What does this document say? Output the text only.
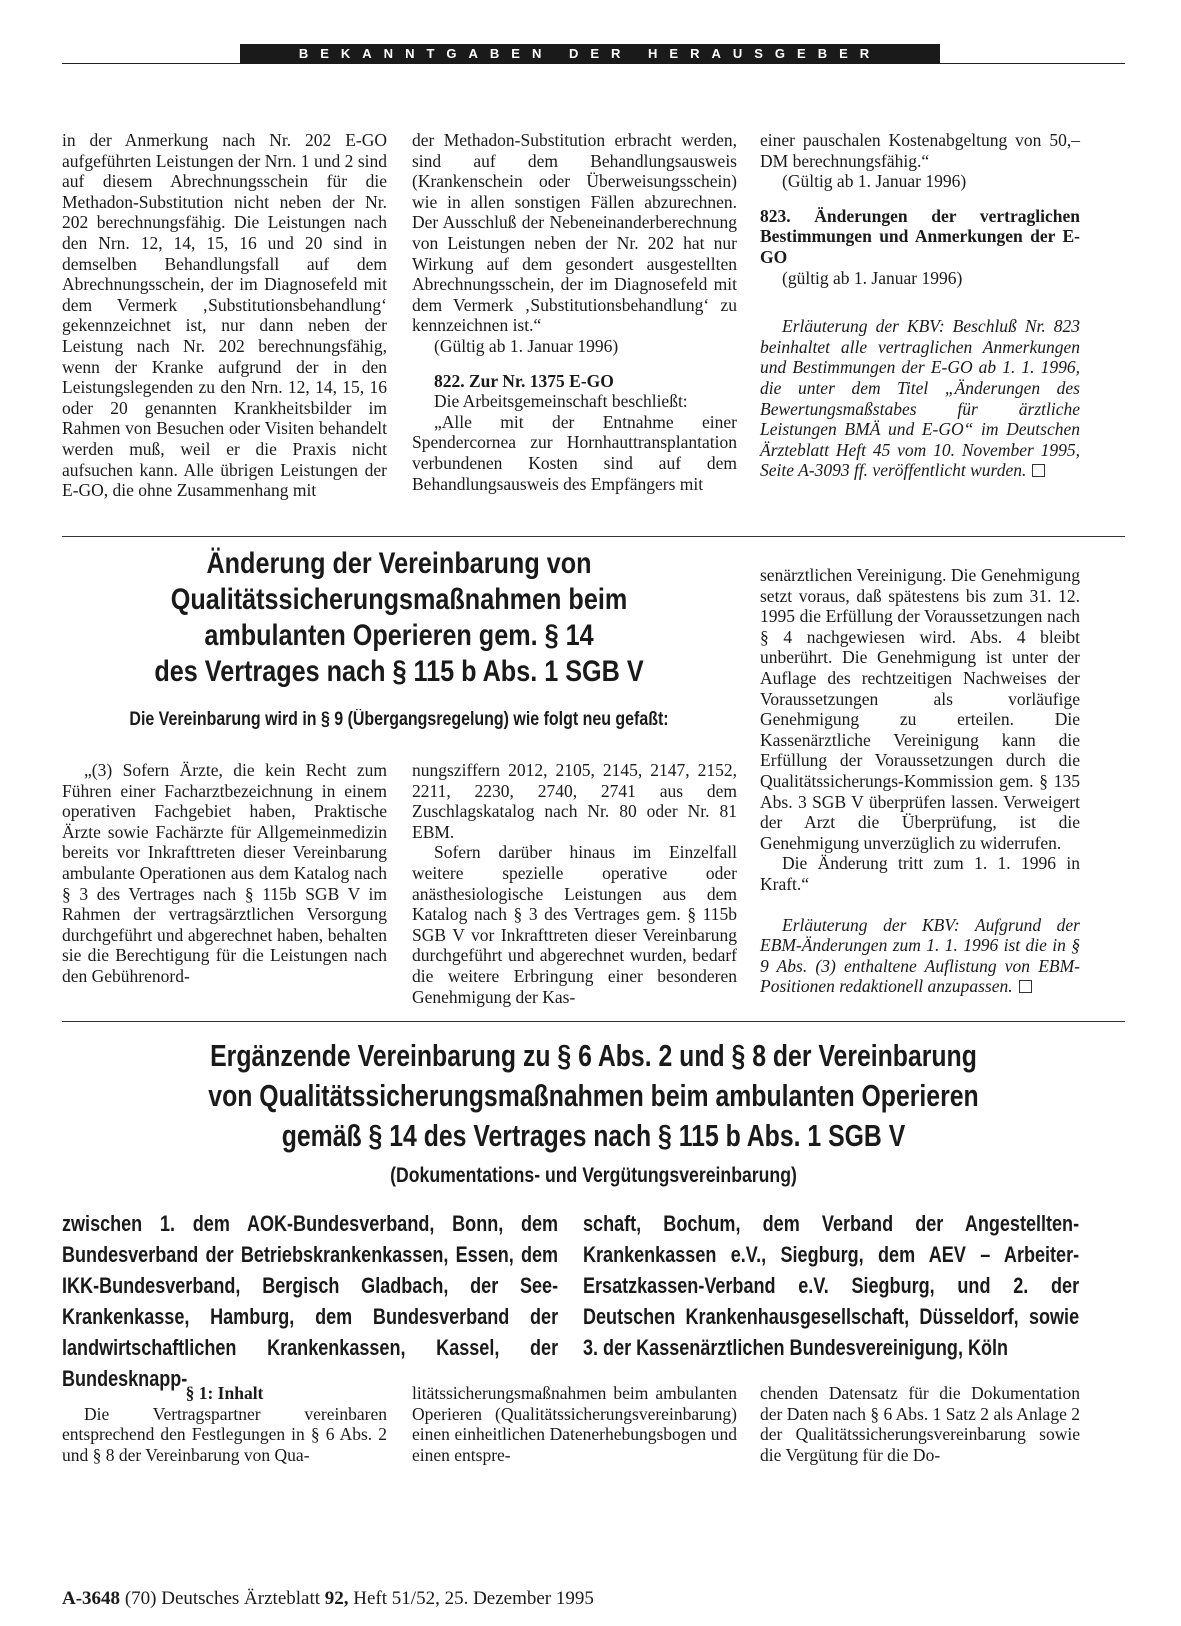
BEKANNTGABEN DER HERAUSGEBER

in der Anmerkung nach Nr. 202 E-GO aufgeführten Leistungen der Nrn. 1 und 2 sind auf diesem Abrechnungsschein für die Methadon-Substitution nicht neben der Nr. 202 berechnungsfähig. Die Leistungen nach den Nrn. 12, 14, 15, 16 und 20 sind in demselben Behandlungsfall auf dem Abrechnungsschein, der im Diagnosefeld mit dem Vermerk ‚Substitutionsbehandlung‘ gekennzeichnet ist, nur dann neben der Leistung nach Nr. 202 berechnungsfähig, wenn der Kranke aufgrund der in den Leistungslegenden zu den Nrn. 12, 14, 15, 16 oder 20 genannten Krankheitsbilder im Rahmen von Besuchen oder Visiten behandelt werden muß, weil er die Praxis nicht aufsuchen kann. Alle übrigen Leistungen der E-GO, die ohne Zusammenhang mit

der Methadon-Substitution erbracht werden, sind auf dem Behandlungsausweis (Krankenschein oder Überweisungsschein) wie in allen sonstigen Fällen abzurechnen. Der Ausschluß der Nebeneinanderberechnung von Leistungen neben der Nr. 202 hat nur Wirkung auf dem gesondert ausgestellten Abrechnungsschein, der im Diagnosefeld mit dem Vermerk ‚Substitutionsbehandlung‘ zu kennzeichnen ist.“

(Gültig ab 1. Januar 1996)

822. Zur Nr. 1375 E-GO

Die Arbeitsgemeinschaft beschließt:

„Alle mit der Entnahme einer Spendercornea zur Hornhauttransplantation verbundenen Kosten sind auf dem Behandlungsausweis des Empfängers mit

einer pauschalen Kostenabgeltung von 50,– DM berechnungsfähig.“

(Gültig ab 1. Januar 1996)

823. Änderungen der vertraglichen Bestimmungen und Anmerkungen der E-GO

(gültig ab 1. Januar 1996)

Erläuterung der KBV: Beschluß Nr. 823 beinhaltet alle vertraglichen Anmerkungen und Bestimmungen der E-GO ab 1. 1. 1996, die unter dem Titel „Änderungen des Bewertungsmaßstabes für ärztliche Leistungen BMÄ und E-GO“ im Deutschen Ärzteblatt Heft 45 vom 10. November 1995, Seite A-3093 ff. veröffentlicht wurden.

Änderung der Vereinbarung von
Qualitätssicherungsmaßnahmen beim
ambulanten Operieren gem. § 14
des Vertrages nach § 115 b Abs. 1 SGB V
Die Vereinbarung wird in § 9 (Übergangsregelung) wie folgt neu gefaßt:

„(3) Sofern Ärzte, die kein Recht zum Führen einer Facharztbezeichnung in einem operativen Fachgebiet haben, Praktische Ärzte sowie Fachärzte für Allgemeinmedizin bereits vor Inkrafttreten dieser Vereinbarung ambulante Operationen aus dem Katalog nach § 3 des Vertrages nach § 115b SGB V im Rahmen der vertragsärztlichen Versorgung durchgeführt und abgerechnet haben, behalten sie die Berechtigung für die Leistungen nach den Gebührenord-

nungsziffern 2012, 2105, 2145, 2147, 2152, 2211, 2230, 2740, 2741 aus dem Zuschlagskatalog nach Nr. 80 oder Nr. 81 EBM.

Sofern darüber hinaus im Einzelfall weitere spezielle operative oder anästhesiologische Leistungen aus dem Katalog nach § 3 des Vertrages gem. § 115b SGB V vor Inkrafttreten dieser Vereinbarung durchgeführt und abgerechnet wurden, bedarf die weitere Erbringung einer besonderen Genehmigung der Kas-

senärztlichen Vereinigung. Die Genehmigung setzt voraus, daß spätestens bis zum 31. 12. 1995 die Erfüllung der Voraussetzungen nach § 4 nachgewiesen wird. Abs. 4 bleibt unberührt. Die Genehmigung ist unter der Auflage des rechtzeitigen Nachweises der Voraussetzungen als vorläufige Genehmigung zu erteilen. Die Kassenärztliche Vereinigung kann die Erfüllung der Voraussetzungen durch die Qualitätssicherungs-Kommission gem. § 135 Abs. 3 SGB V überprüfen lassen. Verweigert der Arzt die Überprüfung, ist die Genehmigung unverzüglich zu widerrufen.

Die Änderung tritt zum 1. 1. 1996 in Kraft.“

Erläuterung der KBV: Aufgrund der EBM-Änderungen zum 1. 1. 1996 ist die in § 9 Abs. (3) enthaltene Auflistung von EBM-Positionen redaktionell anzupassen.

Ergänzende Vereinbarung zu § 6 Abs. 2 und § 8 der Vereinbarung
von Qualitätssicherungsmaßnahmen beim ambulanten Operieren
gemäß § 14 des Vertrages nach § 115 b Abs. 1 SGB V
(Dokumentations- und Vergütungsvereinbarung)
zwischen 1. dem AOK-Bundesverband, Bonn, dem Bundesverband der Betriebskrankenkassen, Essen, dem IKK-Bundesverband, Bergisch Gladbach, der See-Krankenkasse, Hamburg, dem Bundesverband der landwirtschaftlichen Krankenkassen, Kassel, der Bundesknapp-
schaft, Bochum, dem Verband der Angestellten-Krankenkassen e.V., Siegburg, dem AEV – Arbeiter-Ersatzkassen-Verband e.V. Siegburg, und 2. der Deutschen Krankenhausgesellschaft, Düsseldorf, sowie 3. der Kassenärztlichen Bundesvereinigung, Köln

§ 1: Inhalt

Die Vertragspartner vereinbaren entsprechend den Festlegungen in § 6 Abs. 2 und § 8 der Vereinbarung von Qua-

litätssicherungsmaßnahmen beim ambulanten Operieren (Qualitätssicherungsvereinbarung) einen einheitlichen Datenerhebungsbogen und einen entspre-

chenden Datensatz für die Dokumentation der Daten nach § 6 Abs. 1 Satz 2 als Anlage 2 der Qualitätssicherungsvereinbarung sowie die Vergütung für die Do-

A-3648 (70) Deutsches Ärzteblatt 92, Heft 51/52, 25. Dezember 1995
